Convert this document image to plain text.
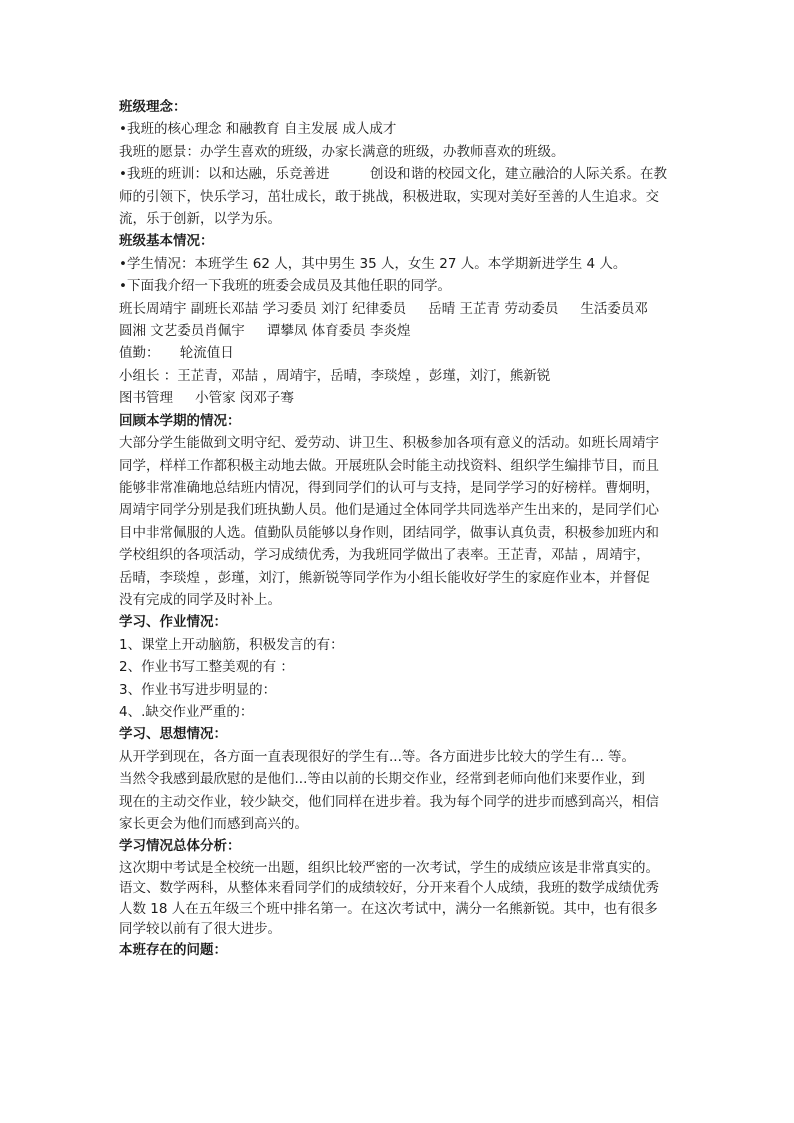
班级理念：
•我班的核心理念 和融教育 自主发展 成人成才
我班的愿景：办学生喜欢的班级，办家长满意的班级，办教师喜欢的班级。
•我班的班训：以和达融，乐竞善进　　　创设和谐的校园文化，建立融洽的人际关系。在教
师的引领下，快乐学习，茁壮成长，敢于挑战，积极进取，实现对美好至善的人生追求。交
流，乐于创新，以学为乐。
班级基本情况：
•学生情况：本班学生 62 人，其中男生 35 人，女生 27 人。本学期新进学生 4 人。
•下面我介绍一下我班的班委会成员及其他任职的同学。
班长周靖宇 副班长邓喆 学习委员 刘汀 纪律委员 　 岳晴 王芷青 劳动委员 　 生活委员邓
圆湘 文艺委员肖佩宇 　 谭攀凤 体育委员 李炎煌
值勤：　　轮流值日
小组长 ：王芷青，邓喆 ，周靖宇，岳晴，李琰煌 ，彭瑾，刘汀，熊新锐
图书管理 　 小管家 闵邓子骞
回顾本学期的情况：
大部分学生能做到文明守纪、爱劳动、讲卫生、积极参加各项有意义的活动。如班长周靖宇
同学，样样工作都积极主动地去做。开展班队会时能主动找资料、组织学生编排节目，而且
能够非常准确地总结班内情况，得到同学们的认可与支持，是同学学习的好榜样。曹炯明，
周靖宇同学分别是我们班执勤人员。他们是通过全体同学共同选举产生出来的，是同学们心
目中非常佩服的人选。值勤队员能够以身作则，团结同学，做事认真负责，积极参加班内和
学校组织的各项活动，学习成绩优秀，为我班同学做出了表率。王芷青，邓喆 ，周靖宇，
岳晴，李琰煌 ，彭瑾，刘汀，熊新锐等同学作为小组长能收好学生的家庭作业本，并督促
没有完成的同学及时补上。
学习、作业情况：
1、课堂上开动脑筋，积极发言的有：
2、作业书写工整美观的有 ：
3、作业书写进步明显的：
4、.缺交作业严重的：
学习、思想情况：
从开学到现在，各方面一直表现很好的学生有...等。各方面进步比较大的学生有... 等。
当然令我感到最欣慰的是他们...等由以前的长期交作业，经常到老师向他们来要作业，到
现在的主动交作业，较少缺交，他们同样在进步着。我为每个同学的进步而感到高兴，相信
家长更会为他们而感到高兴的。
学习情况总体分析：
这次期中考试是全校统一出题，组织比较严密的一次考试，学生的成绩应该是非常真实的。
语文、数学两科，从整体来看同学们的成绩较好，分开来看个人成绩，我班的数学成绩优秀
人数 18 人在五年级三个班中排名第一。在这次考试中，满分一名熊新锐。其中，也有很多
同学较以前有了很大进步。
本班存在的问题：
